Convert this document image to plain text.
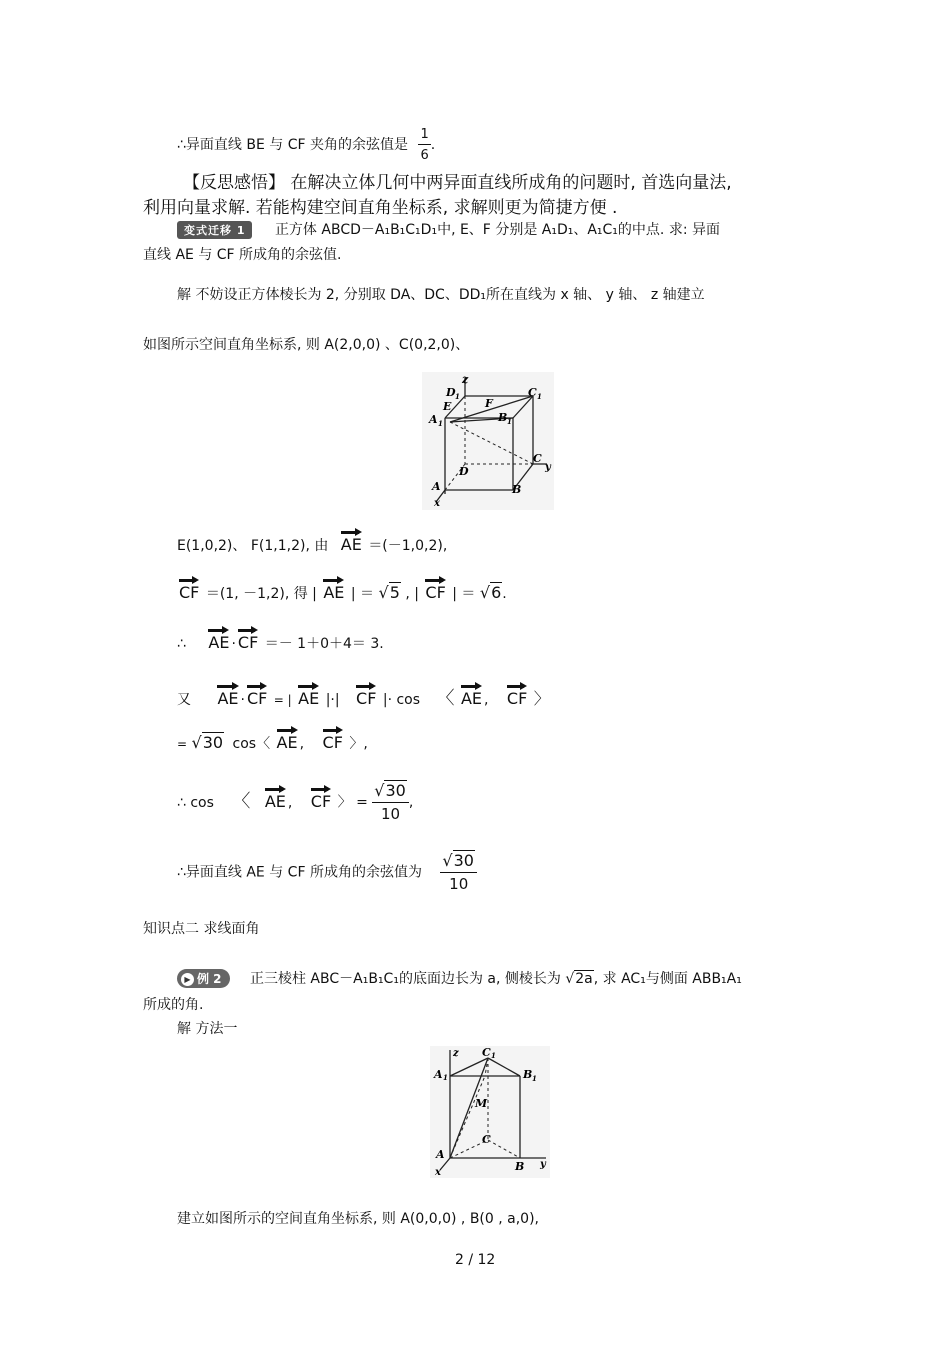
∴异面直线 BE 与 CF 夹角的余弦值是 $\frac{1}{6}$ .
【反思感悟】 在解决立体几何中两异面直线所成角的问题时, 首选向量法,
利用向量求解. 若能构建空间直角坐标系, 求解则更为简捷方便 .
变式迁移 1 正方体 ABCD－A₁B₁C₁D₁中, E、F 分别是 A₁D₁、A₁C₁的中点. 求: 异面
直线 AE 与 CF 所成角的余弦值.
解 不妨设正方体棱长为 2, 分别取 DA、DC、DD₁所在直线为 x 轴、 y 轴、 z 轴建立
如图所示空间直角坐标系, 则 A(2,0,0) 、C(0,2,0)、
z
D 1	C 1
E	F
B 1
A 1
C
y
D
A	B
x
E(1,0,2)、 F(1,1,2), 由 AE ＝(－1,0,2),
CF ＝(1, －1,2), 得 | AE | ＝ √5 , | CF | ＝ √6.
∴ AE · CF ＝－ 1＋0＋4＝ 3.
又 AE · CF = | AE |·| CF |· cos 〈 AE , CF 〉
= √30 cos〈 AE , CF 〉,
∴ cos 〈 AE , CF 〉 = $\frac{√30}{10}$ ,
∴异面直线 AE 与 CF 所成角的余弦值为 $\frac{√30}{10}$
知识点二 求线面角
▶ 例 2 正三棱柱 ABC－A₁B₁C₁的底面边长为 a, 侧棱长为 √2a, 求 AC₁与侧面 ABB₁A₁
所成的角.
解 方法一
z C 1
A 1	B 1
M
C
A
B y
x
建立如图所示的空间直角坐标系, 则 A(0,0,0) , B(0 , a,0),
2 / 12
